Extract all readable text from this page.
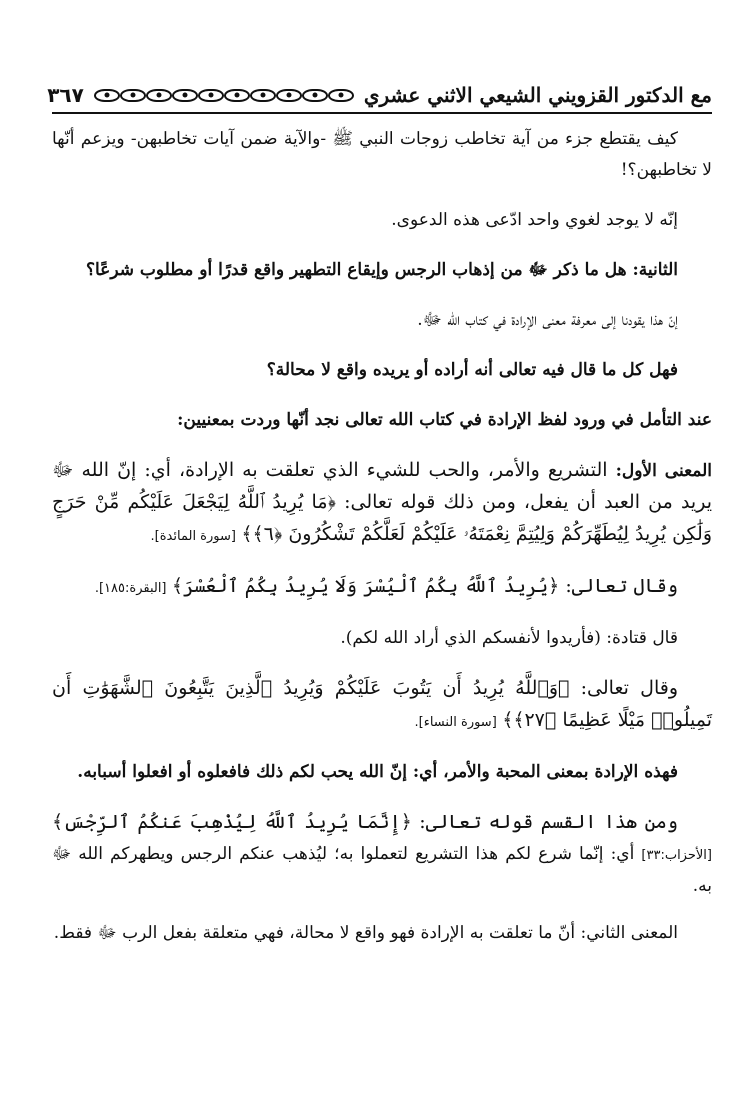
مع الدكتور القزويني الشيعي الاثني عشري
٣٦٧

كيف يقتطع جزء من آية تخاطب زوجات النبي ﷺ -والآية ضمن آيات تخاطبهن- ويزعم أنّها لا تخاطبهن؟!

إنّه لا يوجد لغوي واحد ادّعى هذه الدعوى.

الثانية: هل ما ذكر ﷻ من إذهاب الرجس وإيقاع التطهير واقع قدرًا أو مطلوب شرعًا؟

إنّ هذا يقودنا إلى معرفة معنى الإرادة في كتاب الله ﷻ.

فهل كل ما قال فيه تعالى أنه أراده أو يريده واقع لا محالة؟

عند التأمل في ورود لفظ الإرادة في كتاب الله تعالى نجد أنّها وردت بمعنيين:

المعنى الأول: التشريع والأمر، والحب للشيء الذي تعلقت به الإرادة، أي: إنّ الله ﷻ يريد من العبد أن يفعل، ومن ذلك قوله تعالى: ﴿مَا يُرِيدُ ٱللَّهُ لِيَجْعَلَ عَلَيْكُم مِّنْ حَرَجٍ وَلَٰكِن يُرِيدُ لِيُطَهِّرَكُمْ وَلِيُتِمَّ نِعْمَتَهُۥ عَلَيْكُمْ لَعَلَّكُمْ تَشْكُرُونَ ﴿٦﴾﴾ [سورة المائدة].

وقال تعالى: ﴿يُرِيدُ ٱللَّهُ بِكُمُ ٱلْيُسْرَ وَلَا يُرِيدُ بِكُمُ ٱلْعُسْرَ﴾ [البقرة:١٨٥].

قال قتادة: (فأريدوا لأنفسكم الذي أراد الله لكم).

وقال تعالى: ﴿وَٱللَّهُ يُرِيدُ أَن يَتُوبَ عَلَيْكُمْ وَيُرِيدُ ٱلَّذِينَ يَتَّبِعُونَ ٱلشَّهَوَٰتِ أَن تَمِيلُوا۟ مَيْلًا عَظِيمًا ﴿٢٧﴾﴾ [سورة النساء].

فهذه الإرادة بمعنى المحبة والأمر، أي: إنّ الله يحب لكم ذلك فافعلوه أو افعلوا أسبابه.

ومن هذا القسم قوله تعالى: ﴿إِنَّمَا يُرِيدُ ٱللَّهُ لِيُذْهِبَ عَنكُمُ ٱلرِّجْسَ﴾ [الأحزاب:٣٣] أي: إنّما شرع لكم هذا التشريع لتعملوا به؛ ليُذهب عنكم الرجس ويطهركم الله ﷻ به.

المعنى الثاني: أنّ ما تعلقت به الإرادة فهو واقع لا محالة، فهي متعلقة بفعل الرب ﷻ فقط.
